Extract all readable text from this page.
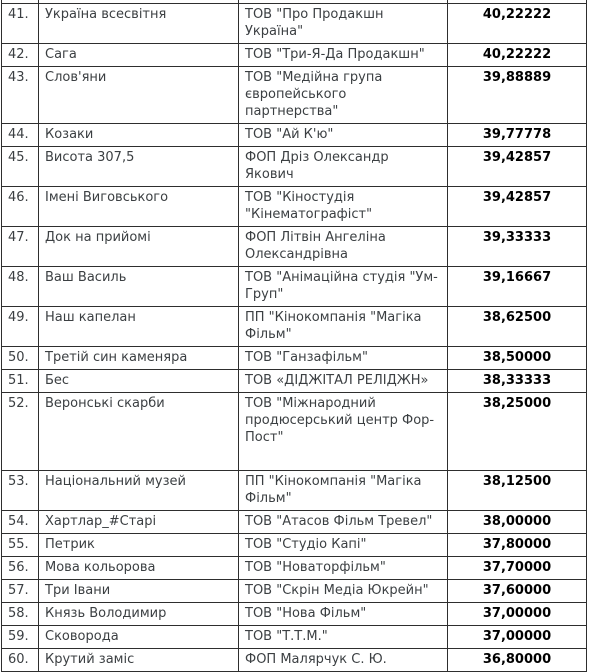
41.	Україна всесвітня	ТОВ "Про Продакшн Україна"	40,22222
42.	Сага	ТОВ "Три-Я-Да Продакшн"	40,22222
43.	Слов'яни	ТОВ "Медійна група європейського партнерства"	39,88889
44.	Козаки	ТОВ "Ай К'ю"	39,77778
45.	Висота 307,5	ФОП Дріз Олександр Якович	39,42857
46.	Імені Виговського	ТОВ "Кіностудія "Кінематографіст"	39,42857
47.	Док на прийомі	ФОП Літвін Ангеліна Олександрівна	39,33333
48.	Ваш Василь	ТОВ "Анімаційна студія "Ум-Груп"	39,16667
49.	Наш капелан	ПП "Кінокомпанія "Магіка Фільм"	38,62500
50.	Третій син каменяра	ТОВ "Ганзафільм"	38,50000
51.	Бес	ТОВ «ДІДЖІТАЛ РЕЛІДЖН»	38,33333
52.	Веронські скарби	ТОВ "Міжнародний продюсерський центр Фор-Пост"	38,25000
53.	Національний музей	ПП "Кінокомпанія "Магіка Фільм"	38,12500
54.	Хартлар_#Старі	ТОВ "Атасов Фільм Тревел"	38,00000
55.	Петрик	ТОВ "Студіо Капі"	37,80000
56.	Мова кольорова	ТОВ "Новаторфільм"	37,70000
57.	Три Івани	ТОВ "Скрін Медіа Юкрейн"	37,60000
58.	Князь Володимир	ТОВ "Нова Фільм"	37,00000
59.	Сковорода	ТОВ "Т.Т.М."	37,00000
60.	Крутий заміс	ФОП Малярчук С. Ю.	36,80000
